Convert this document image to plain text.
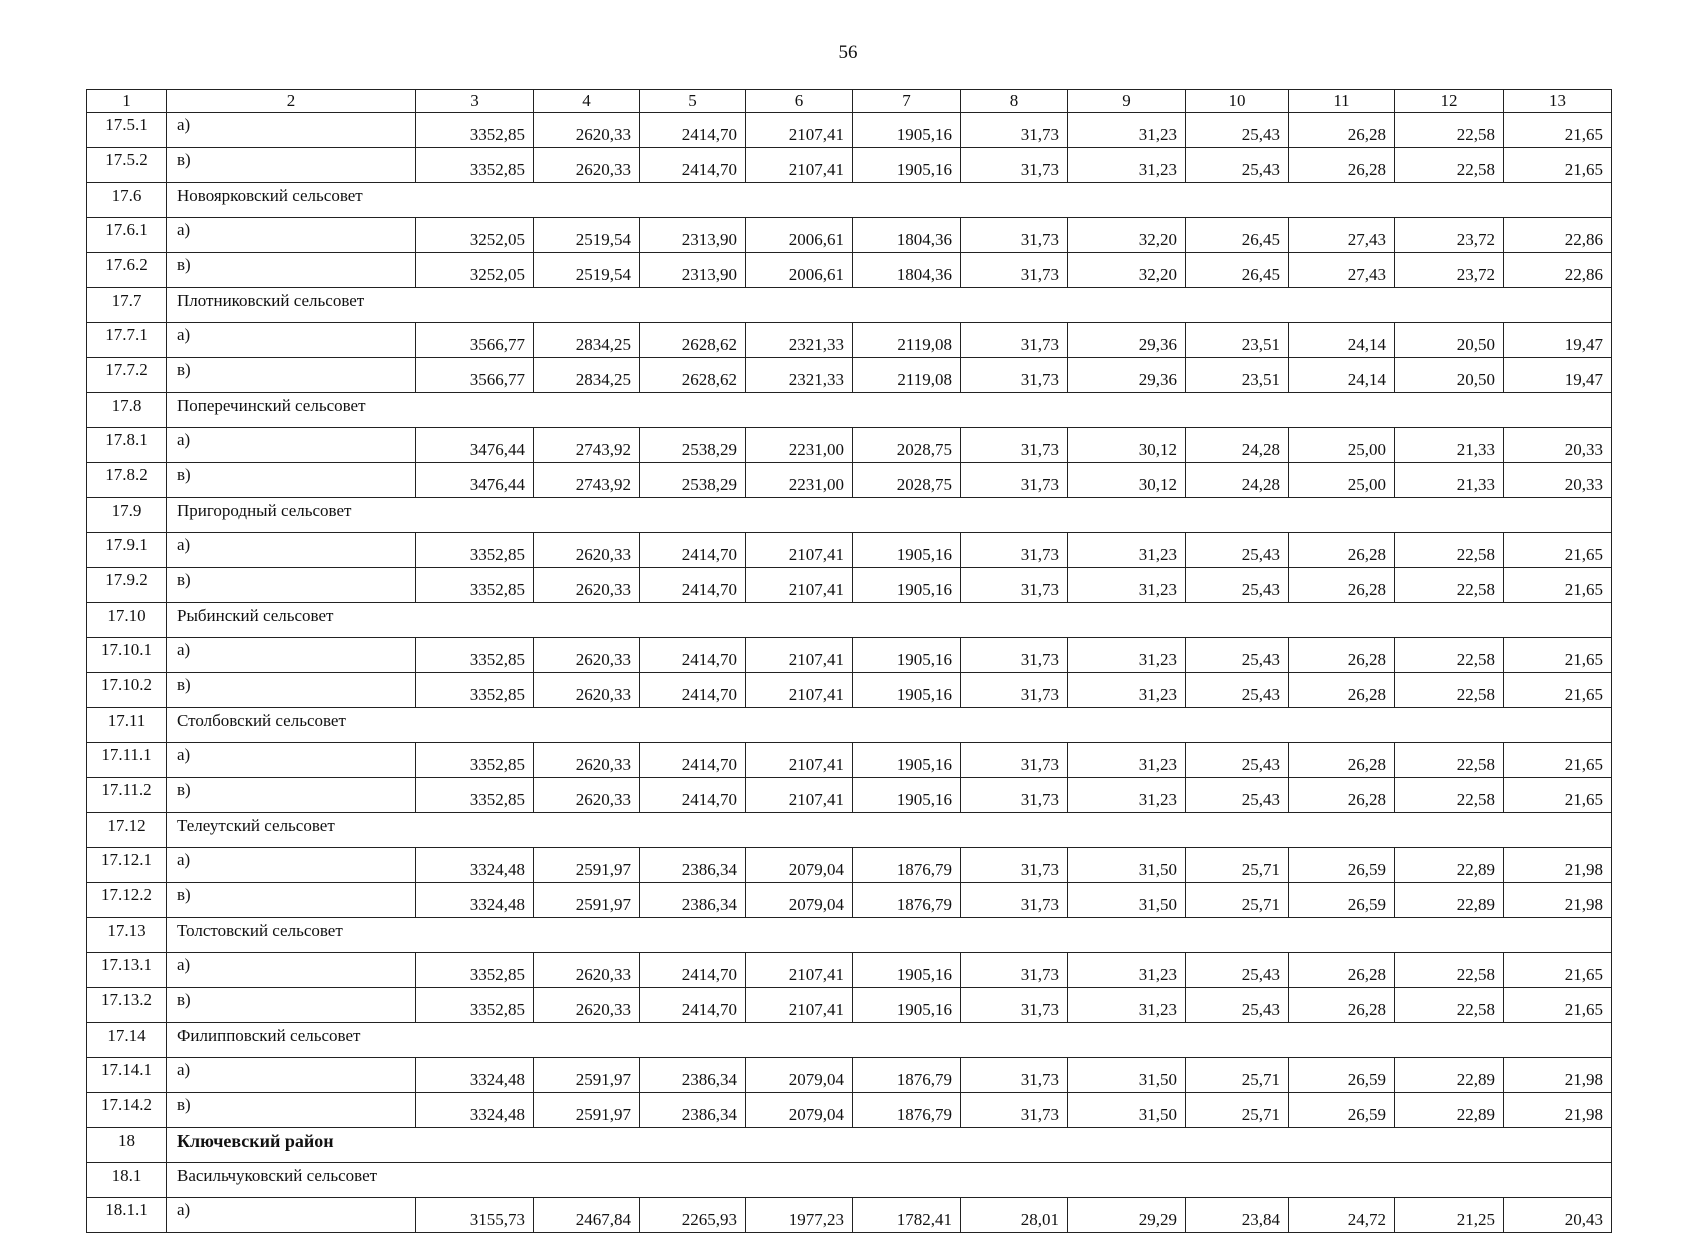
56
1	2	3	4	5	6	7	8	9	10	11	12	13
17.5.1	а)	3352,85	2620,33	2414,70	2107,41	1905,16	31,73	31,23	25,43	26,28	22,58	21,65
17.5.2	в)	3352,85	2620,33	2414,70	2107,41	1905,16	31,73	31,23	25,43	26,28	22,58	21,65
17.6	Новоярковский сельсовет											
17.6.1	а)	3252,05	2519,54	2313,90	2006,61	1804,36	31,73	32,20	26,45	27,43	23,72	22,86
17.6.2	в)	3252,05	2519,54	2313,90	2006,61	1804,36	31,73	32,20	26,45	27,43	23,72	22,86
17.7	Плотниковский сельсовет											
17.7.1	а)	3566,77	2834,25	2628,62	2321,33	2119,08	31,73	29,36	23,51	24,14	20,50	19,47
17.7.2	в)	3566,77	2834,25	2628,62	2321,33	2119,08	31,73	29,36	23,51	24,14	20,50	19,47
17.8	Поперечинский сельсовет											
17.8.1	а)	3476,44	2743,92	2538,29	2231,00	2028,75	31,73	30,12	24,28	25,00	21,33	20,33
17.8.2	в)	3476,44	2743,92	2538,29	2231,00	2028,75	31,73	30,12	24,28	25,00	21,33	20,33
17.9	Пригородный сельсовет											
17.9.1	а)	3352,85	2620,33	2414,70	2107,41	1905,16	31,73	31,23	25,43	26,28	22,58	21,65
17.9.2	в)	3352,85	2620,33	2414,70	2107,41	1905,16	31,73	31,23	25,43	26,28	22,58	21,65
17.10	Рыбинский сельсовет											
17.10.1	а)	3352,85	2620,33	2414,70	2107,41	1905,16	31,73	31,23	25,43	26,28	22,58	21,65
17.10.2	в)	3352,85	2620,33	2414,70	2107,41	1905,16	31,73	31,23	25,43	26,28	22,58	21,65
17.11	Столбовский сельсовет											
17.11.1	а)	3352,85	2620,33	2414,70	2107,41	1905,16	31,73	31,23	25,43	26,28	22,58	21,65
17.11.2	в)	3352,85	2620,33	2414,70	2107,41	1905,16	31,73	31,23	25,43	26,28	22,58	21,65
17.12	Телеутский сельсовет											
17.12.1	а)	3324,48	2591,97	2386,34	2079,04	1876,79	31,73	31,50	25,71	26,59	22,89	21,98
17.12.2	в)	3324,48	2591,97	2386,34	2079,04	1876,79	31,73	31,50	25,71	26,59	22,89	21,98
17.13	Толстовский сельсовет											
17.13.1	а)	3352,85	2620,33	2414,70	2107,41	1905,16	31,73	31,23	25,43	26,28	22,58	21,65
17.13.2	в)	3352,85	2620,33	2414,70	2107,41	1905,16	31,73	31,23	25,43	26,28	22,58	21,65
17.14	Филипповский сельсовет											
17.14.1	а)	3324,48	2591,97	2386,34	2079,04	1876,79	31,73	31,50	25,71	26,59	22,89	21,98
17.14.2	в)	3324,48	2591,97	2386,34	2079,04	1876,79	31,73	31,50	25,71	26,59	22,89	21,98
18	Ключевский район											
18.1	Васильчуковский сельсовет											
18.1.1	а)	3155,73	2467,84	2265,93	1977,23	1782,41	28,01	29,29	23,84	24,72	21,25	20,43
